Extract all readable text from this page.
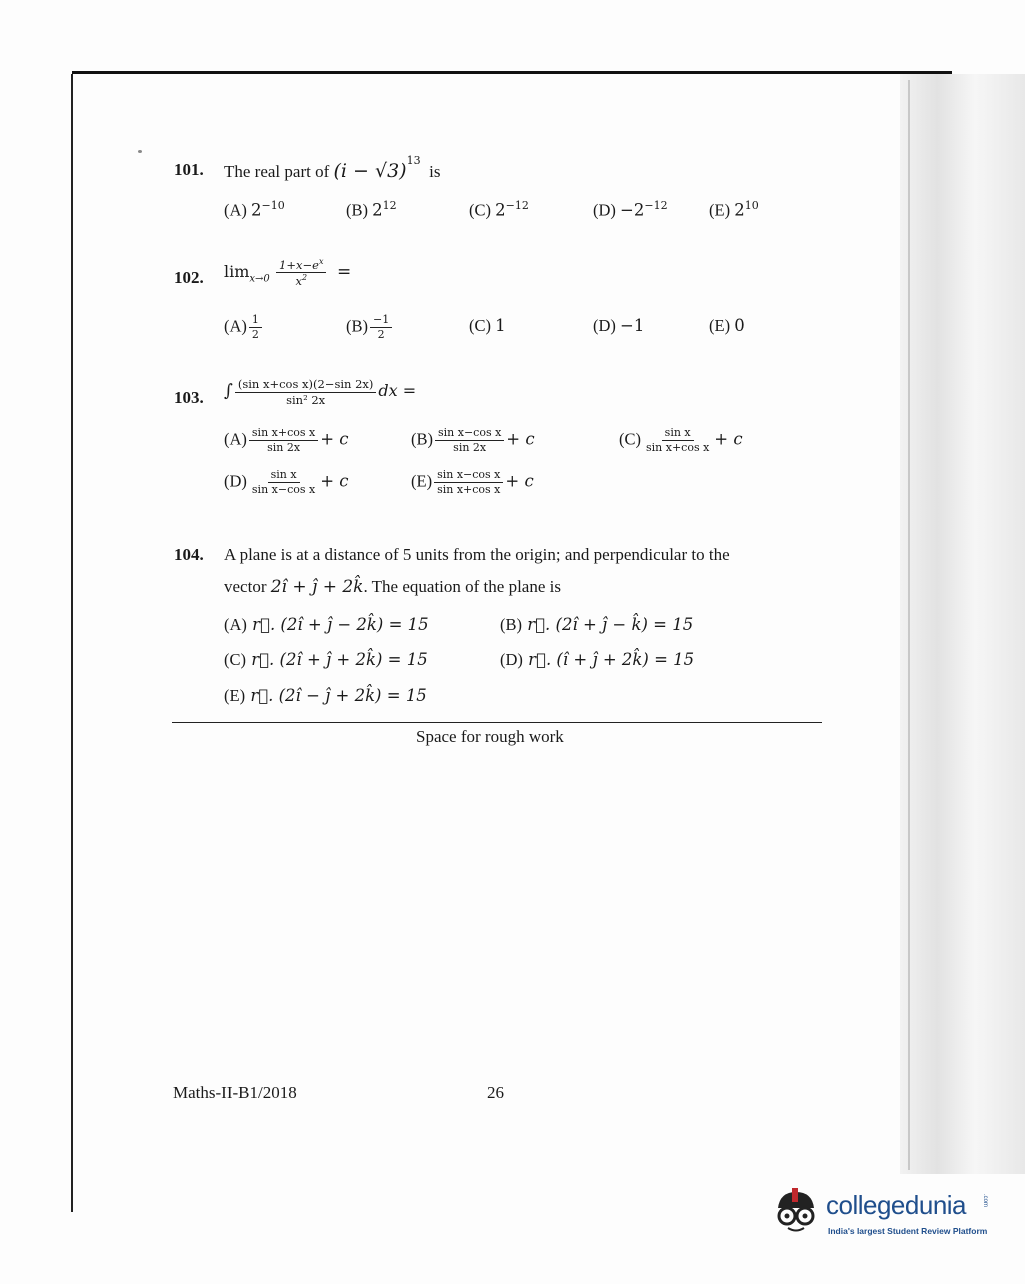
101. The real part of $(i - √3)^{13}$  is
(A) $2^{-10}$	(B) $2^{12}$	(C) $2^{-12}$	$(D) -2^{-12}$	(E) $2^{10}$
102. $\lim_{x\to 0} \frac{1+x-e^x}{x^2}$ =
$(A) \frac{1}{2}$	$(B) \frac{-1}{2}$	(C) 1	(D) −1	(E) 0
103. ∫ $\frac{\text{(sin x+cos x)(2−sin 2x)}}{\text{sin² 2x}}$ dx =
$(A) \frac{\text{sin x+cos x}}{\sin 2x} + c$	$(B) \frac{\text{sin x−cos x}}{\sin 2x} + c$	$(C) \frac{\text{sin x}}{\text{sin x+cos x}} + c$
$(D) \frac{\text{sin x}}{\text{sin x−cos x}} + c$	$(E) \frac{\text{sin x−cos x}}{\text{sin x+cos x}} + c$
104. A plane is at a distance of 5 units from the origin; and perpendicular to the
vector 2î + ĵ + 2k̂. The equation of the plane is
(A) r⃗. (2î + ĵ − 2k̂) = 15	(B) r⃗. (2î + ĵ − k̂) = 15
(C) r⃗. (2î + ĵ + 2k̂) = 15	(D) r⃗. (î + ĵ + 2k̂) = 15
(E) r⃗. (2ı̂ − ĵ + 2k̂) = 15
Space for rough work
Maths-II-B1/2018	26
collegedunia	.com
India's largest Student Review Platform
